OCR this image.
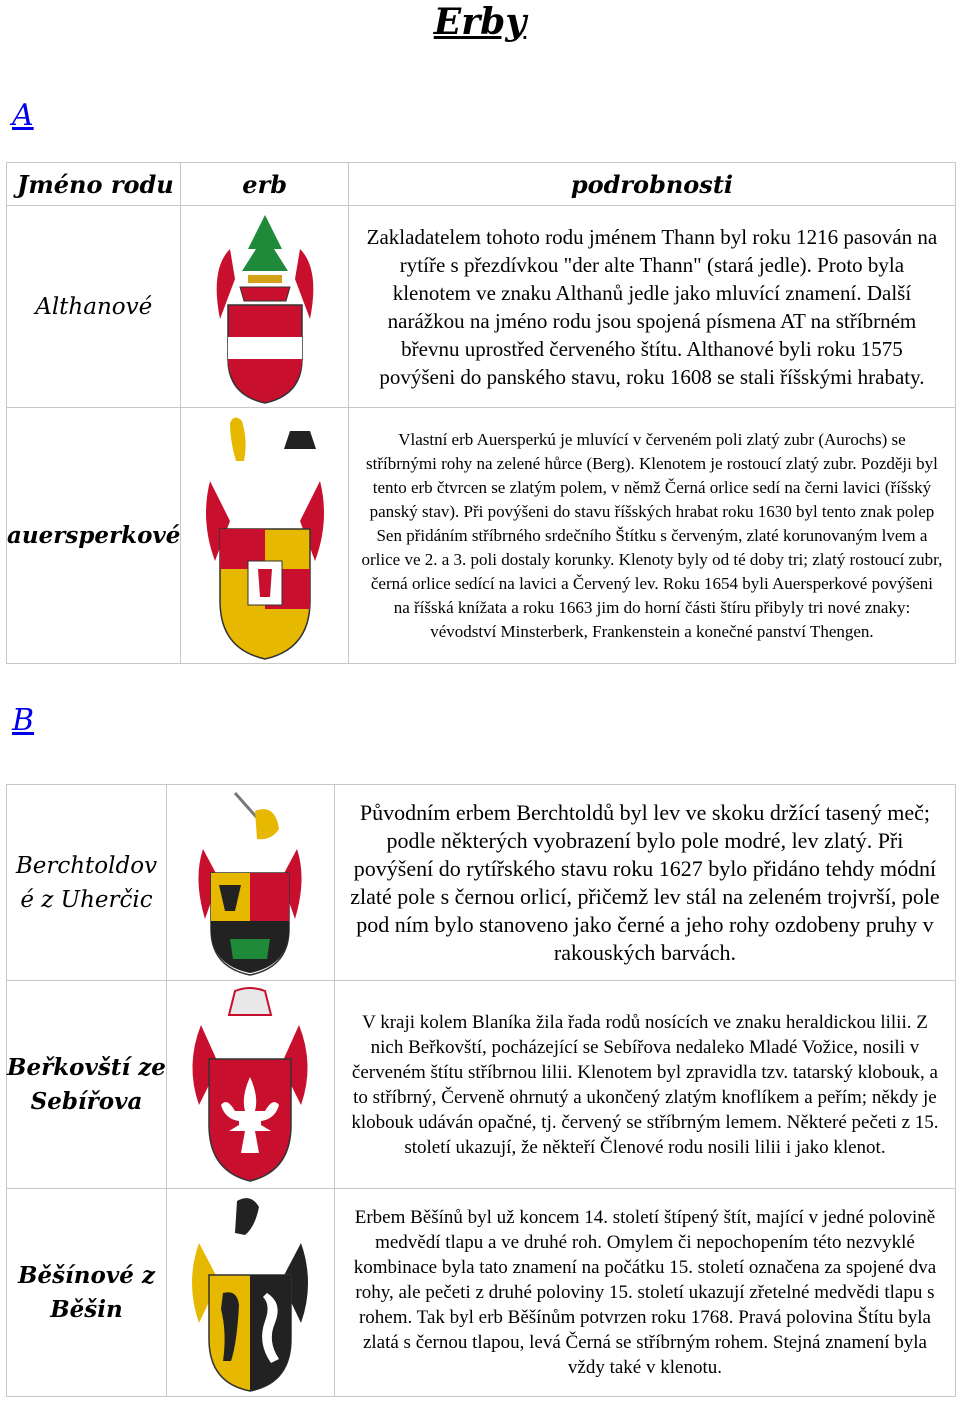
Erby
A
Jméno rodu	erb	podrobnosti
Althanové		Zakladatelem tohoto rodu jménem Thann byl roku 1216 pasován na rytíře s přezdívkou "der alte Thann" (stará jedle). Proto byla klenotem ve znaku Althanů jedle jako mluvící znamení. Další narážkou na jméno rodu jsou spojená písmena AT na stříbrném břevnu uprostřed červeného štítu. Althanové byli roku 1575 povýšeni do panského stavu, roku 1608 se stali říšskými hrabaty.
auersperkové		Vlastní erb Auersperkú je mluvící v červeném poli zlatý zubr (Aurochs) se stříbrnými rohy na zelené hůrce (Berg). Klenotem je rostoucí zlatý zubr. Později byl tento erb čtvrcen se zlatým polem, v němž Černá orlice sedí na černi lavici (říšský panský stav). Při povýšeni do stavu říšských hrabat roku 1630 byl tento znak polep Sen přidáním stříbrného srdečního Štítku s červeným, zlaté korunovaným lvem a orlice ve 2. a 3. poli dostaly korunky. Klenoty byly od té doby tri; zlatý rostoucí zubr, černá orlice sedící na lavici a Červený lev. Roku 1654 byli Auersperkové povýšeni na říšská knížata a roku 1663 jim do horní části štíru přibyly tri nové znaky: vévodství Minsterberk, Frankenstein a konečné panství Thengen.
B
Berchtoldov
é z Uherčic		Původním erbem Berchtoldů byl lev ve skoku držící tasený meč; podle některých vyobrazení bylo pole modré, lev zlatý. Při povýšení do rytířského stavu roku 1627 bylo přidáno tehdy módní zlaté pole s černou orlicí, přičemž lev stál na zeleném trojvrší, pole pod ním bylo stanoveno jako černé a jeho rohy ozdobeny pruhy v rakouských barvách.
Beřkovští ze
Sebířova		V kraji kolem Blaníka žila řada rodů nosících ve znaku heraldickou lilii. Z nich Beřkovští, pocházející se Sebířova nedaleko Mladé Vožice, nosili v červeném štítu stříbrnou lilii. Klenotem byl zpravidla tzv. tatarský klobouk, a to stříbrný, Červeně ohrnutý a ukončený zlatým knoflíkem a peřím; někdy je klobouk udáván opačné, tj. červený se stříbrným lemem. Některé pečeti z 15. století ukazují, že někteří Členové rodu nosili lilii i jako klenot.
Běšínové z
Běšin		Erbem Běšínů byl už koncem 14. století štípený štít, mající v jedné polovině medvědí tlapu a ve druhé roh. Omylem či nepochopením této nezvyklé kombinace byla tato znamení na počátku 15. století označena za spojené dva rohy, ale pečeti z druhé poloviny 15. století ukazují zřetelné medvědi tlapu s rohem. Tak byl erb Běšínům potvrzen roku 1768. Pravá polovina Štítu byla zlatá s černou tlapou, levá Černá se stříbrným rohem. Stejná znamení byla vždy také v klenotu.
